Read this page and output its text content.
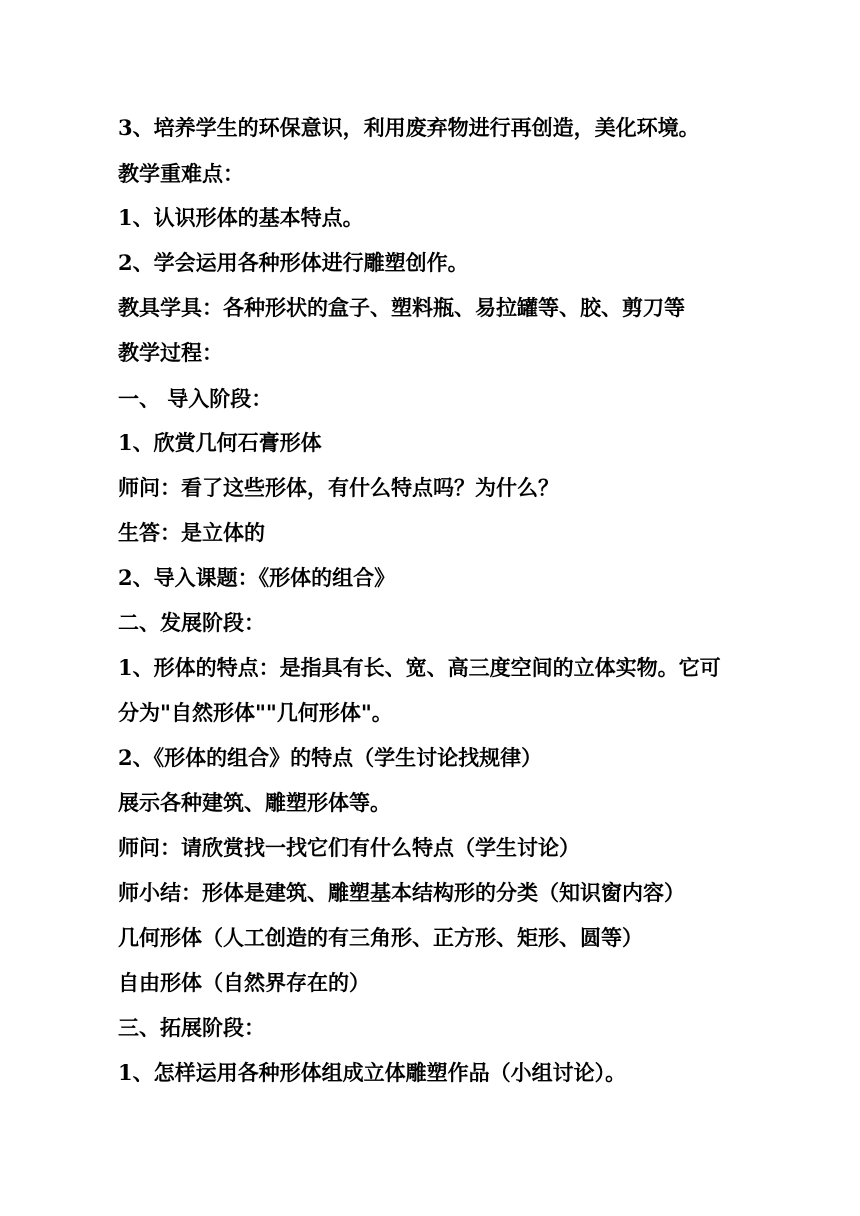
3、培养学生的环保意识，利用废弃物进行再创造，美化环境。
教学重难点：
1、认识形体的基本特点。
2、学会运用各种形体进行雕塑创作。
教具学具：各种形状的盒子、塑料瓶、易拉罐等、胶、剪刀等
教学过程：
一、 导入阶段：
1、欣赏几何石膏形体
师问：看了这些形体，有什么特点吗？为什么？
生答：是立体的
2、导入课题：《形体的组合》
二、发展阶段：
1、形体的特点：是指具有长、宽、高三度空间的立体实物。它可
分为"自然形体""几何形体"。
2、《形体的组合》的特点（学生讨论找规律）
展示各种建筑、雕塑形体等。
师问：请欣赏找一找它们有什么特点（学生讨论）
师小结：形体是建筑、雕塑基本结构形的分类（知识窗内容）
几何形体（人工创造的有三角形、正方形、矩形、圆等）
自由形体（自然界存在的）
三、拓展阶段：
1、怎样运用各种形体组成立体雕塑作品（小组讨论）。
